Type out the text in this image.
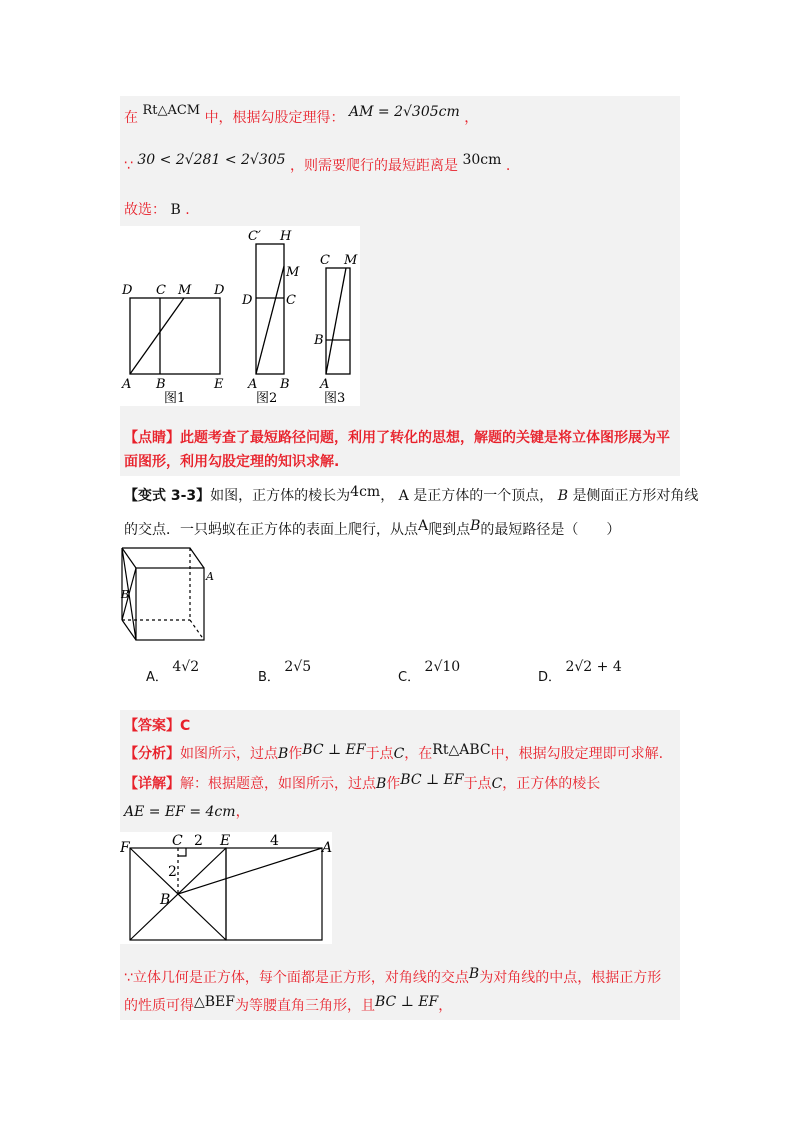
在 Rt△ACM 中，根据勾股定理得： AM = 2√305cm ，
∵ 30 < 2√281 < 2√305 ，则需要爬行的最短距离是 30cm .
故选： B .
D C M D
A B	E
C′ H
M
D	C
A B
C M
B
A
图1	图2	图3
【点睛】此题考查了最短路径问题，利用了转化的思想，解题的关键是将立体图形展为平
面图形，利用勾股定理的知识求解.
【变式 3-3】如图，正方体的棱长为4cm， A 是正方体的一个顶点， B 是侧面正方形对角线
的交点．一只蚂蚁在正方体的表面上爬行，从点A爬到点B的最短路径是（　　）
A
B
A． 4√2
B． 2√5
C． 2√10
D． 2√2 + 4
【答案】C
【分析】如图所示，过点B作BC ⊥ EF于点C，在Rt△ABC中，根据勾股定理即可求解.
【详解】解：根据题意，如图所示，过点B作BC ⊥ EF于点C，正方体的棱长
AE = EF = 4cm，
C 2 E	4
F	A
2
B
∵立体几何是正方体，每个面都是正方形，对角线的交点B为对角线的中点，根据正方形
的性质可得△BEF为等腰直角三角形，且BC ⊥ EF，
